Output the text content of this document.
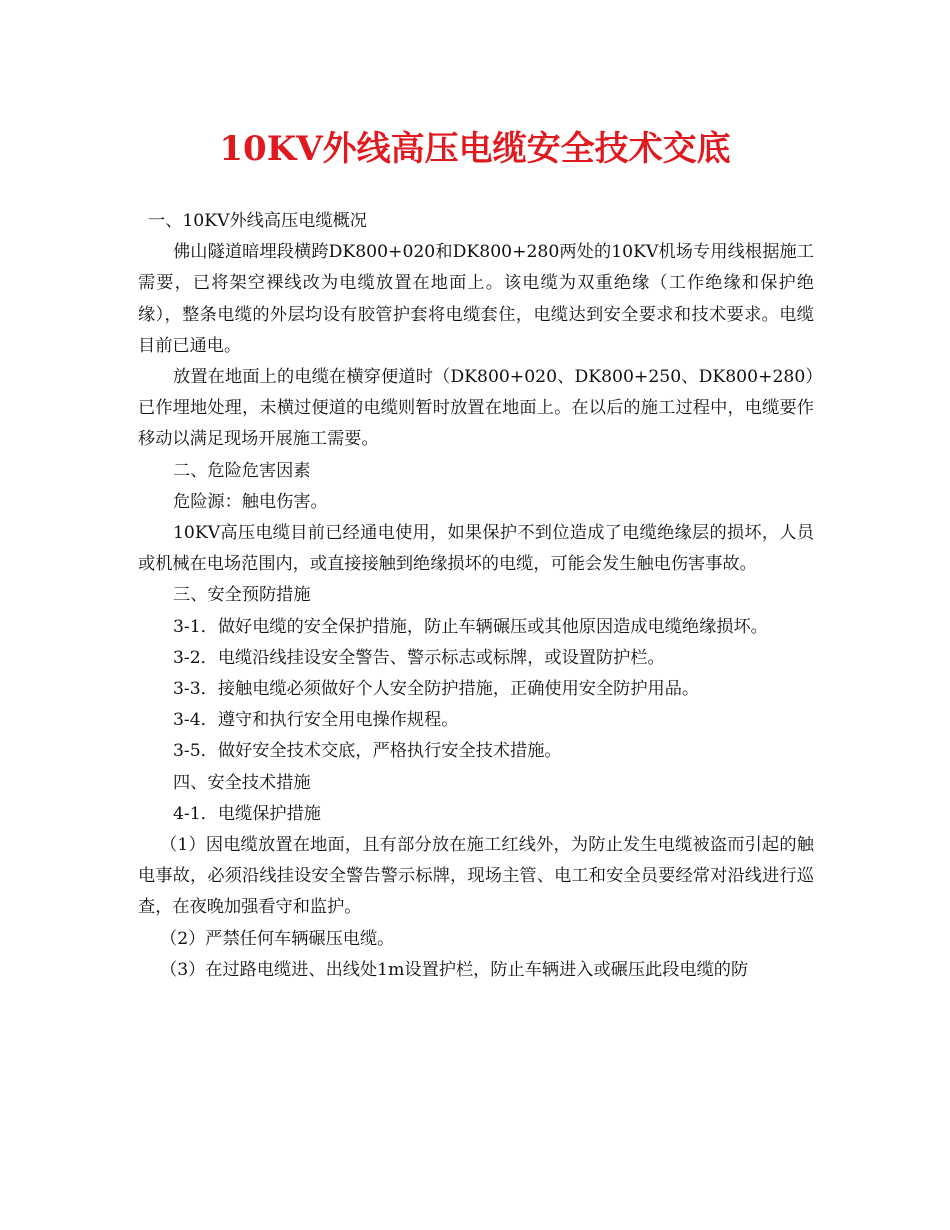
10KV外线高压电缆安全技术交底

一、10KV外线高压电缆概况

佛山隧道暗埋段横跨DK800+020和DK800+280两处的10KV机场专用线根据施工需要，已将架空裸线改为电缆放置在地面上。该电缆为双重绝缘（工作绝缘和保护绝缘），整条电缆的外层均设有胶管护套将电缆套住，电缆达到安全要求和技术要求。电缆目前已通电。

放置在地面上的电缆在横穿便道时（DK800+020、DK800+250、DK800+280）已作埋地处理，未横过便道的电缆则暂时放置在地面上。在以后的施工过程中，电缆要作移动以满足现场开展施工需要。

二、危险危害因素

危险源：触电伤害。

10KV高压电缆目前已经通电使用，如果保护不到位造成了电缆绝缘层的损坏，人员或机械在电场范围内，或直接接触到绝缘损坏的电缆，可能会发生触电伤害事故。

三、安全预防措施

3-1．做好电缆的安全保护措施，防止车辆碾压或其他原因造成电缆绝缘损坏。

3-2．电缆沿线挂设安全警告、警示标志或标牌，或设置防护栏。

3-3．接触电缆必须做好个人安全防护措施，正确使用安全防护用品。

3-4．遵守和执行安全用电操作规程。

3-5．做好安全技术交底，严格执行安全技术措施。

四、安全技术措施

4-1．电缆保护措施

（1）因电缆放置在地面，且有部分放在施工红线外，为防止发生电缆被盗而引起的触电事故，必须沿线挂设安全警告警示标牌，现场主管、电工和安全员要经常对沿线进行巡查，在夜晚加强看守和监护。

（2）严禁任何车辆碾压电缆。

（3）在过路电缆进、出线处1m设置护栏，防止车辆进入或碾压此段电缆的防
